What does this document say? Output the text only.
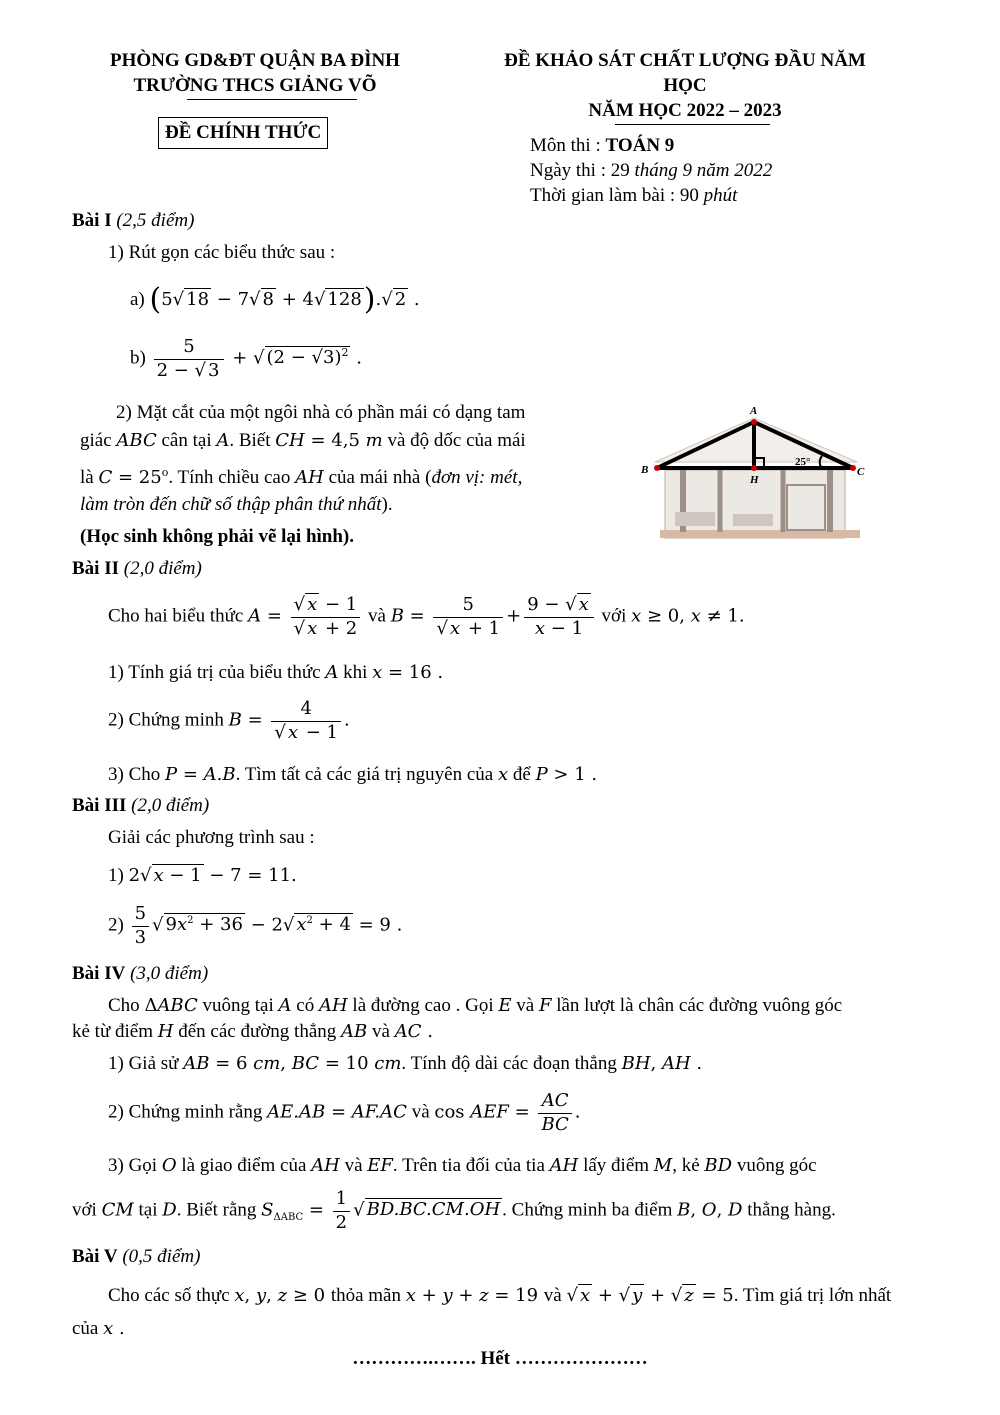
PHÒNG GD&ĐT QUẬN BA ĐÌNH
TRƯỜNG THCS GIẢNG VÕ
ĐỀ CHÍNH THỨC
ĐỀ KHẢO SÁT CHẤT LƯỢNG ĐẦU NĂM
HỌC
NĂM HỌC 2022 – 2023
Môn thi : TOÁN 9
Ngày thi : 29 tháng 9 năm 2022
Thời gian làm bài : 90 phút
Bài I (2,5 điểm)
1) Rút gọn các biểu thức sau :
a) (5√ 18 − 7√ 8 + 4√ 128).√ 2 .
$b) \frac{5}{2 - √ 3}$ + √ $(2 - √3)^2$ .
2) Mặt cắt của một ngôi nhà có phần mái có dạng tam
giác ABC cân tại A. Biết CH = 4,5 m và độ dốc của mái
là $C = 25^o$. Tính chiều cao AH của mái nhà (đơn vị: mét,
làm tròn đến chữ số thập phân thứ nhất).
(Học sinh không phải vẽ lại hình).
A
B	C
H
25°
Bài II (2,0 điểm)
Cho hai biểu thức $A = \frac{√ x - 1}{√ x + 2}$ và $B = \frac{5}{√ x + 1} + \frac{9 - √ x}{x - 1}$ với x ≥ 0, x ≠ 1.
1) Tính giá trị của biểu thức A khi x = 16 .
2) Chứng minh $B = \frac{4}{√ x - 1}$ .
3) Cho P = A.B. Tìm tất cả các giá trị nguyên của x để P > 1 .
Bài III (2,0 điểm)
Giải các phương trình sau :
1) 2√ x − 1 − 7 = 11.
$2) \frac{5}{3}$ √ $9x^2 + 36 - 2√$ $x^2 + 4 = 9$ .
Bài IV (3,0 điểm)
Cho ΔABC vuông tại A có AH là đường cao . Gọi E và F lần lượt là chân các đường vuông góc
kẻ từ điểm H đến các đường thẳng AB và AC .
1) Giả sử AB = 6 cm, BC = 10 cm. Tính độ dài các đoạn thẳng BH, AH .
2) Chứng minh rằng AE.AB = AF.AC và cos AEF = $\frac{AC}{BC}$ .
3) Gọi O là giao điểm của AH và EF. Trên tia đối của tia AH lấy điểm M, kẻ BD vuông góc
với CM tại D. Biết rằng $S_{\Delta ABC} = \frac{1}{2}$ √ BD.BC.CM.OH . Chứng minh ba điểm B, O, D thẳng hàng.
Bài V (0,5 điểm)
Cho các số thực x, y, z ≥ 0 thỏa mãn x + y + z = 19 và √ x + √ y + √ z = 5. Tìm giá trị lớn nhất
của x .
………….……. Hết …………………
